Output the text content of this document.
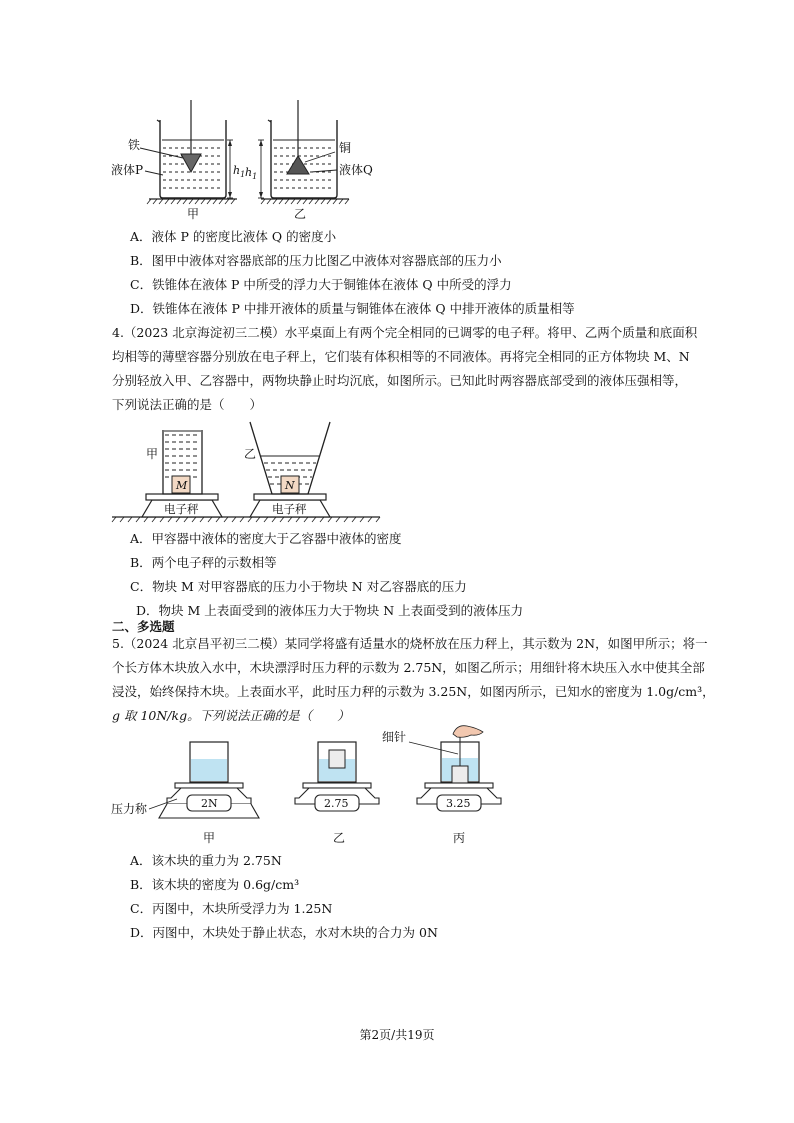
铁
液体P	$h_1$
甲
$h_1$
铜
液体Q
乙
A．液体 P 的密度比液体 Q 的密度小
B．图甲中液体对容器底部的压力比图乙中液体对容器底部的压力小
C．铁锥体在液体 P 中所受的浮力大于铜锥体在液体 Q 中所受的浮力
D．铁锥体在液体 P 中排开液体的质量与铜锥体在液体 Q 中排开液体的质量相等
4.（2023 北京海淀初三二模）水平桌面上有两个完全相同的已调零的电子秤。将甲、乙两个质量和底面积
均相等的薄壁容器分别放在电子秤上，它们装有体积相等的不同液体。再将完全相同的正方体物块 M、N
分别轻放入甲、乙容器中，两物块静止时均沉底，如图所示。已知此时两容器底部受到的液体压强相等，
下列说法正确的是（　　）
电子秤
M
甲
电子秤
N
乙
A．甲容器中液体的密度大于乙容器中液体的密度
B．两个电子秤的示数相等
C．物块 M 对甲容器底的压力小于物块 N 对乙容器底的压力
D．物块 M 上表面受到的液体压力大于物块 N 上表面受到的液体压力
二、多选题
5.（2024 北京昌平初三二模）某同学将盛有适量水的烧杯放在压力秤上，其示数为 2N，如图甲所示；将一
个长方体木块放入水中，木块漂浮时压力秤的示数为 2.75N，如图乙所示；用细针将木块压入水中使其全部
浸没，始终保持木块。上表面水平，此时压力秤的示数为 3.25N，如图丙所示，已知水的密度为 1.0g/cm³，
g 取 10N/kg。下列说法正确的是（　　）
2N
压力称
甲
2.75
乙
3.25
细针
丙
A．该木块的重力为 2.75N
B．该木块的密度为 0.6g/cm³
C．丙图中，木块所受浮力为 1.25N
D．丙图中，木块处于静止状态，水对木块的合力为 0N
第2页/共19页
